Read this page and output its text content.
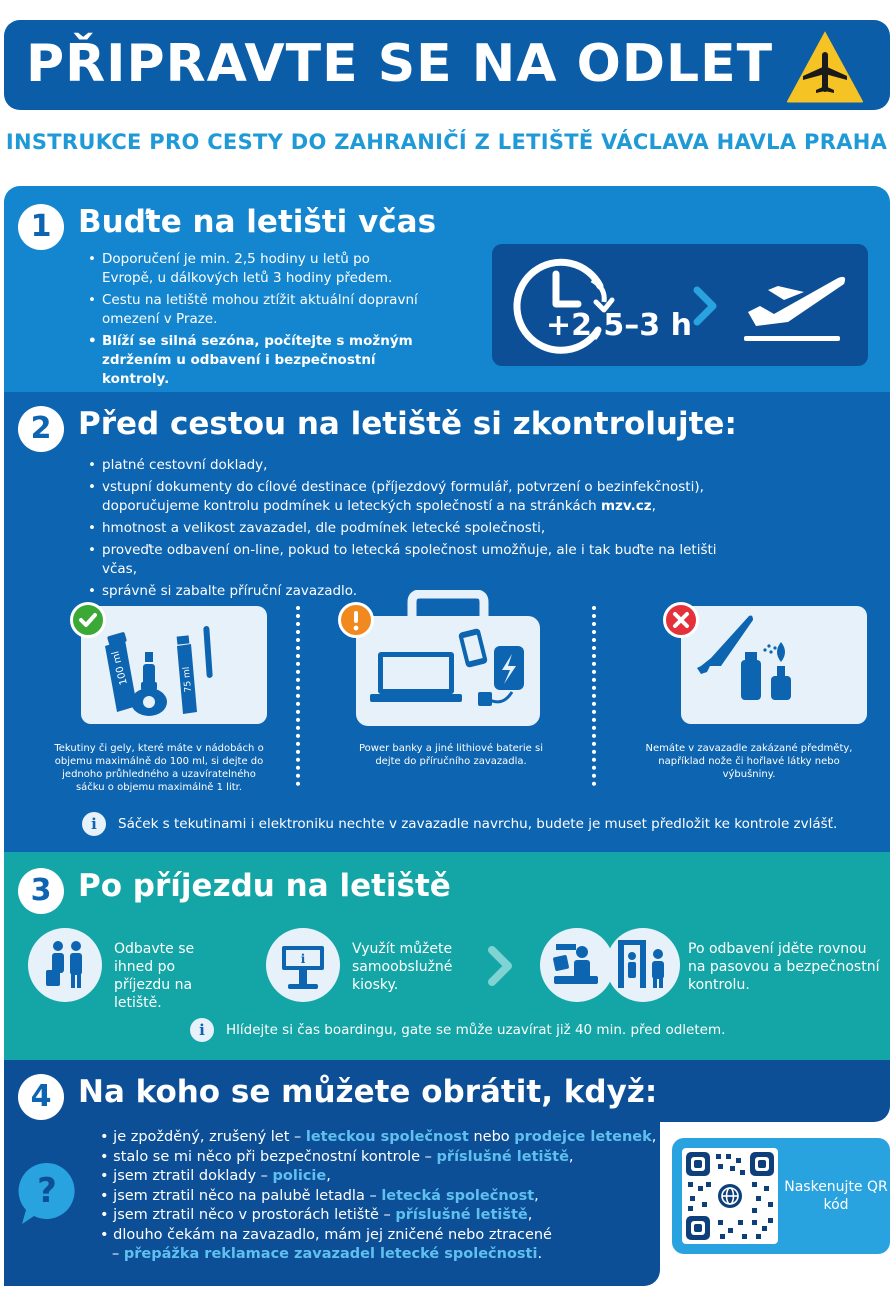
PŘIPRAVTE SE NA ODLET
INSTRUKCE PRO CESTY DO ZAHRANIČÍ Z LETIŠTĚ VÁCLAVA HAVLA PRAHA
1 Buďte na letišti včas
• Doporučení je min. 2,5 hodiny u letů po Evropě, u dálkových letů 3 hodiny předem.
• Cestu na letiště mohou ztížit aktuální dopravní omezení v Praze.
• Blíží se silná sezóna, počítejte s možným zdržením u odbavení i bezpečnostní kontroly.
+2,5–3 h
2 Před cestou na letiště si zkontrolujte:
• platné cestovní doklady,
• vstupní dokumenty do cílové destinace (příjezdový formulář, potvrzení o bezinfekčnosti),
doporučujeme kontrolu podmínek u leteckých společností a na stránkách mzv.cz,
• hmotnost a velikost zavazadel, dle podmínek letecké společnosti,
• proveďte odbavení on-line, pokud to letecká společnost umožňuje, ale i tak buďte na letišti včas,
• správně si zabalte příruční zavazadlo.
100 ml	75 ml
Tekutiny či gely, které máte v nádobách o objemu maximálně do 100 ml, si dejte do jednoho průhledného a uzavíratelného sáčku o objemu maximálně 1 litr.
Power banky a jiné lithiové baterie si dejte do příručního zavazadla.
Nemáte v zavazadle zakázané předměty, například nože či hořlavé látky nebo výbušniny.
i	Sáček s tekutinami i elektroniku nechte v zavazadle navrchu, budete je muset předložit ke kontrole zvlášť.
3 Po příjezdu na letiště
Odbavte se ihned po příjezdu na letiště.
i
Využít můžete samoobslužné kiosky.
Po odbavení jděte rovnou na pasovou a bezpečnostní kontrolu.
i	Hlídejte si čas boardingu, gate se může uzavírat již 40 min. před odletem.
4 Na koho se můžete obrátit, když:
?
• je zpožděný, zrušený let – leteckou společnost nebo prodejce letenek,
• stalo se mi něco při bezpečnostní kontrole – příslušné letiště,
• jsem ztratil doklady – policie,
• jsem ztratil něco na palubě letadla – letecká společnost,
• jsem ztratil něco v prostorách letiště – příslušné letiště,
• dlouho čekám na zavazadlo, mám jej zničené nebo ztracené
– přepážka reklamace zavazadel letecké společnosti.
Naskenujte QR kód
